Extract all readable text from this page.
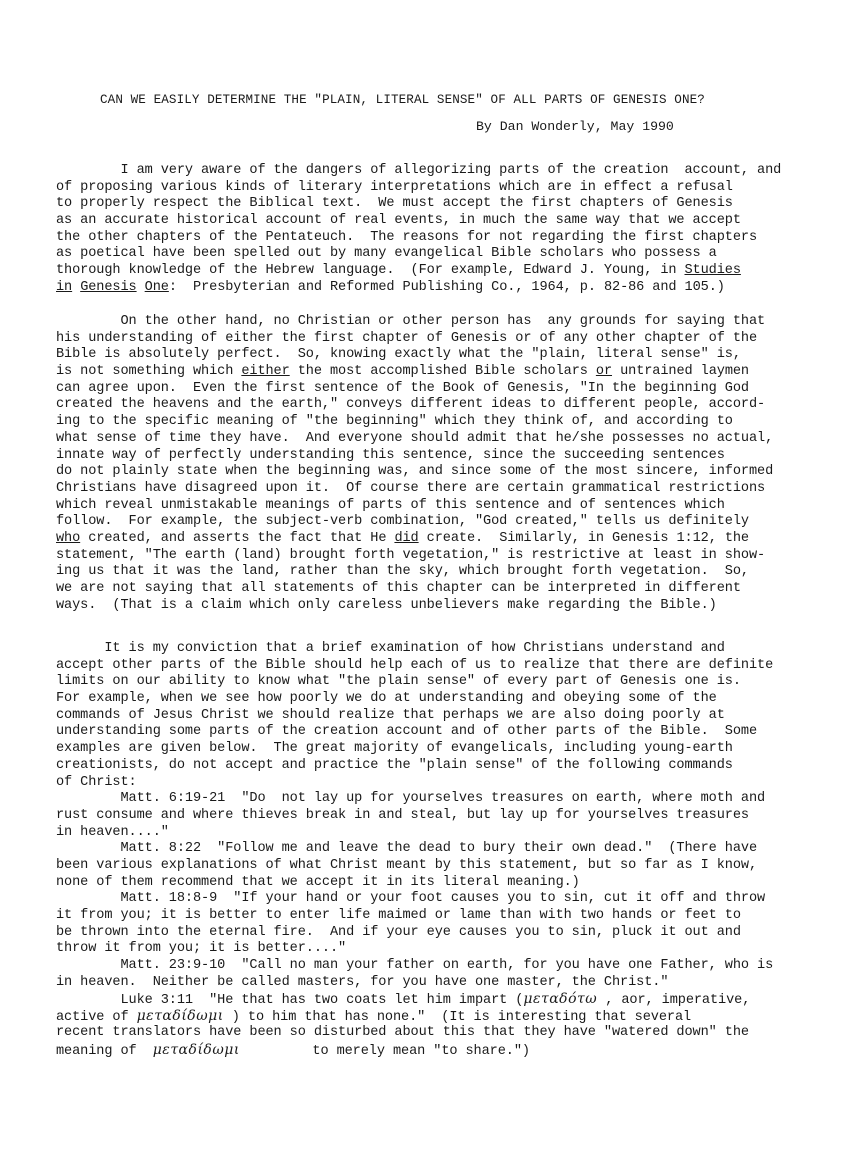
CAN WE EASILY DETERMINE THE "PLAIN, LITERAL SENSE" OF ALL PARTS OF GENESIS ONE?
By Dan Wonderly, May 1990
I am very aware of the dangers of allegorizing parts of the creation  account, and
of proposing various kinds of literary interpretations which are in effect a refusal
to properly respect the Biblical text.  We must accept the first chapters of Genesis
as an accurate historical account of real events, in much the same way that we accept
the other chapters of the Pentateuch.  The reasons for not regarding the first chapters
as poetical have been spelled out by many evangelical Bible scholars who possess a
thorough knowledge of the Hebrew language.  (For example, Edward J. Young, in Studies
in Genesis One:  Presbyterian and Reformed Publishing Co., 1964, p. 82-86 and 105.)
On the other hand, no Christian or other person has  any grounds for saying that
his understanding of either the first chapter of Genesis or of any other chapter of the
Bible is absolutely perfect.  So, knowing exactly what the "plain, literal sense" is,
is not something which either the most accomplished Bible scholars or untrained laymen
can agree upon.  Even the first sentence of the Book of Genesis, "In the beginning God
created the heavens and the earth," conveys different ideas to different people, accord-
ing to the specific meaning of "the beginning" which they think of, and according to
what sense of time they have.  And everyone should admit that he/she possesses no actual,
innate way of perfectly understanding this sentence, since the succeeding sentences
do not plainly state when the beginning was, and since some of the most sincere, informed
Christians have disagreed upon it.  Of course there are certain grammatical restrictions
which reveal unmistakable meanings of parts of this sentence and of sentences which
follow.  For example, the subject-verb combination, "God created," tells us definitely
who created, and asserts the fact that He did create.  Similarly, in Genesis 1:12, the
statement, "The earth (land) brought forth vegetation," is restrictive at least in show-
ing us that it was the land, rather than the sky, which brought forth vegetation.  So,
we are not saying that all statements of this chapter can be interpreted in different
ways.  (That is a claim which only careless unbelievers make regarding the Bible.)
It is my conviction that a brief examination of how Christians understand and
accept other parts of the Bible should help each of us to realize that there are definite
limits on our ability to know what "the plain sense" of every part of Genesis one is.
For example, when we see how poorly we do at understanding and obeying some of the
commands of Jesus Christ we should realize that perhaps we are also doing poorly at
understanding some parts of the creation account and of other parts of the Bible.  Some
examples are given below.  The great majority of evangelicals, including young-earth
creationists, do not accept and practice the "plain sense" of the following commands
of Christ:
Matt. 6:19-21  "Do  not lay up for yourselves treasures on earth, where moth and
rust consume and where thieves break in and steal, but lay up for yourselves treasures
in heaven...."
Matt. 8:22  "Follow me and leave the dead to bury their own dead."  (There have
been various explanations of what Christ meant by this statement, but so far as I know,
none of them recommend that we accept it in its literal meaning.)
Matt. 18:8-9  "If your hand or your foot causes you to sin, cut it off and throw
it from you; it is better to enter life maimed or lame than with two hands or feet to
be thrown into the eternal fire.  And if your eye causes you to sin, pluck it out and
throw it from you; it is better...."
Matt. 23:9-10  "Call no man your father on earth, for you have one Father, who is
in heaven.  Neither be called masters, for you have one master, the Christ."
Luke 3:11  "He that has two coats let him impart (μεταδότω , aor, imperative,
active of μεταδίδωμι ) to him that has none."  (It is interesting that several
recent translators have been so disturbed about this that they have "watered down" the
meaning of  μεταδίδωμι         to merely mean "to share.")
